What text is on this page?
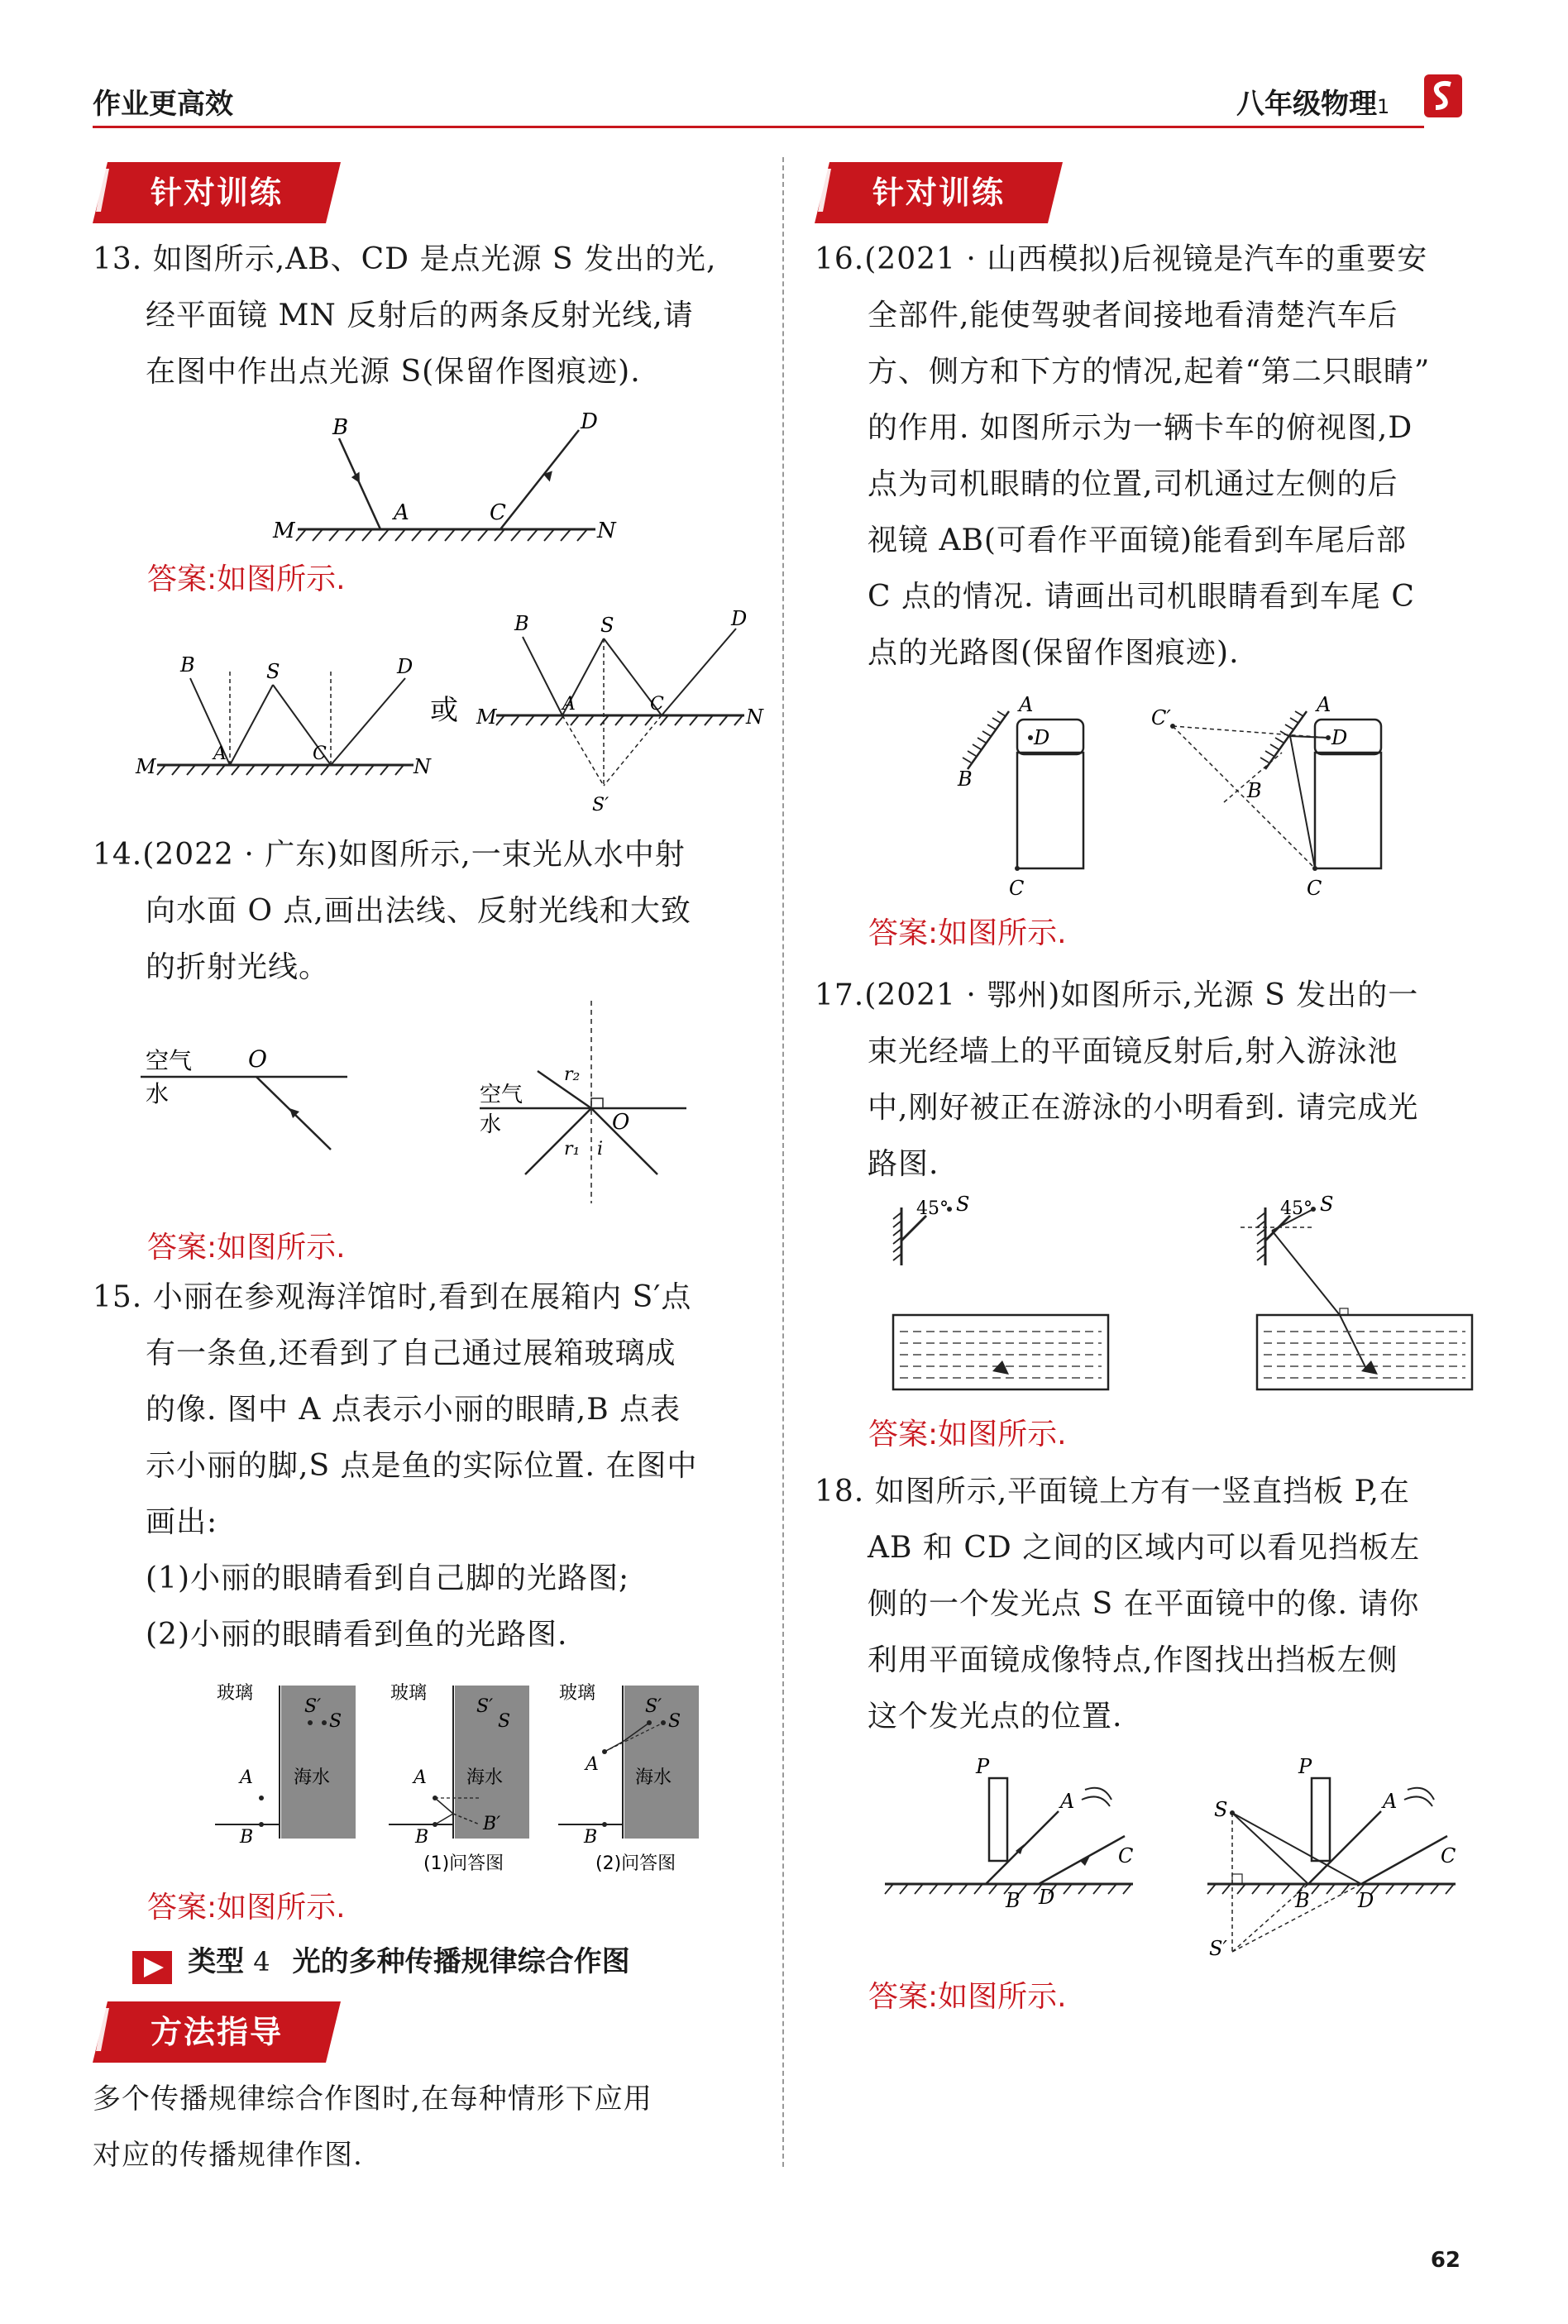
作业更高效	八年级物理1
针对训练

13. 如图所示,AB、CD 是点光源 S 发出的光,

经平面镜 MN 反射后的两条反射光线,请

在图中作出点光源 S(保留作图痕迹).

B	D
A	C
M	N
答案:如图所示.
B	S	D
A	C
M	N
或
B	S	D
A	C
M	N
S′

14.(2022 · 广东)如图所示,一束光从水中射

向水面 O 点,画出法线、反射光线和大致

的折射光线。

空气
水
O
空气
水	O
r₂
r₁ i
答案:如图所示.

15. 小丽在参观海洋馆时,看到在展箱内 S′点

有一条鱼,还看到了自己通过展箱玻璃成

的像. 图中 A 点表示小丽的眼睛,B 点表

示小丽的脚,S 点是鱼的实际位置. 在图中

画出:

(1)小丽的眼睛看到自己脚的光路图;

(2)小丽的眼睛看到鱼的光路图.

玻璃
海水
S′
S
A
B
玻璃
海水
S′
S
A
B
B′
(1)问答图
玻璃
海水
S′
S
A
B
(2)问答图
答案:如图所示.
类型 4 光的多种传播规律综合作图
方法指导

多个传播规律综合作图时,在每种情形下应用

对应的传播规律作图.

针对训练

16.(2021 · 山西模拟)后视镜是汽车的重要安

全部件,能使驾驶者间接地看清楚汽车后

方、侧方和下方的情况,起着“第二只眼睛”

的作用. 如图所示为一辆卡车的俯视图,D

点为司机眼睛的位置,司机通过左侧的后

视镜 AB(可看作平面镜)能看到车尾后部

C 点的情况. 请画出司机眼睛看到车尾 C

点的光路图(保留作图痕迹).

A
D
B
C
C′
A
D
B
C
答案:如图所示.

17.(2021 · 鄂州)如图所示,光源 S 发出的一

束光经墙上的平面镜反射后,射入游泳池

中,刚好被正在游泳的小明看到. 请完成光

路图.

45° S	45° S
答案:如图所示.

18. 如图所示,平面镜上方有一竖直挡板 P,在

AB 和 CD 之间的区域内可以看见挡板左

侧的一个发光点 S 在平面镜中的像. 请你

利用平面镜成像特点,作图找出挡板左侧

这个发光点的位置.

P
A
B D
C
S
P
A
B D
C
S′
答案:如图所示.
62
